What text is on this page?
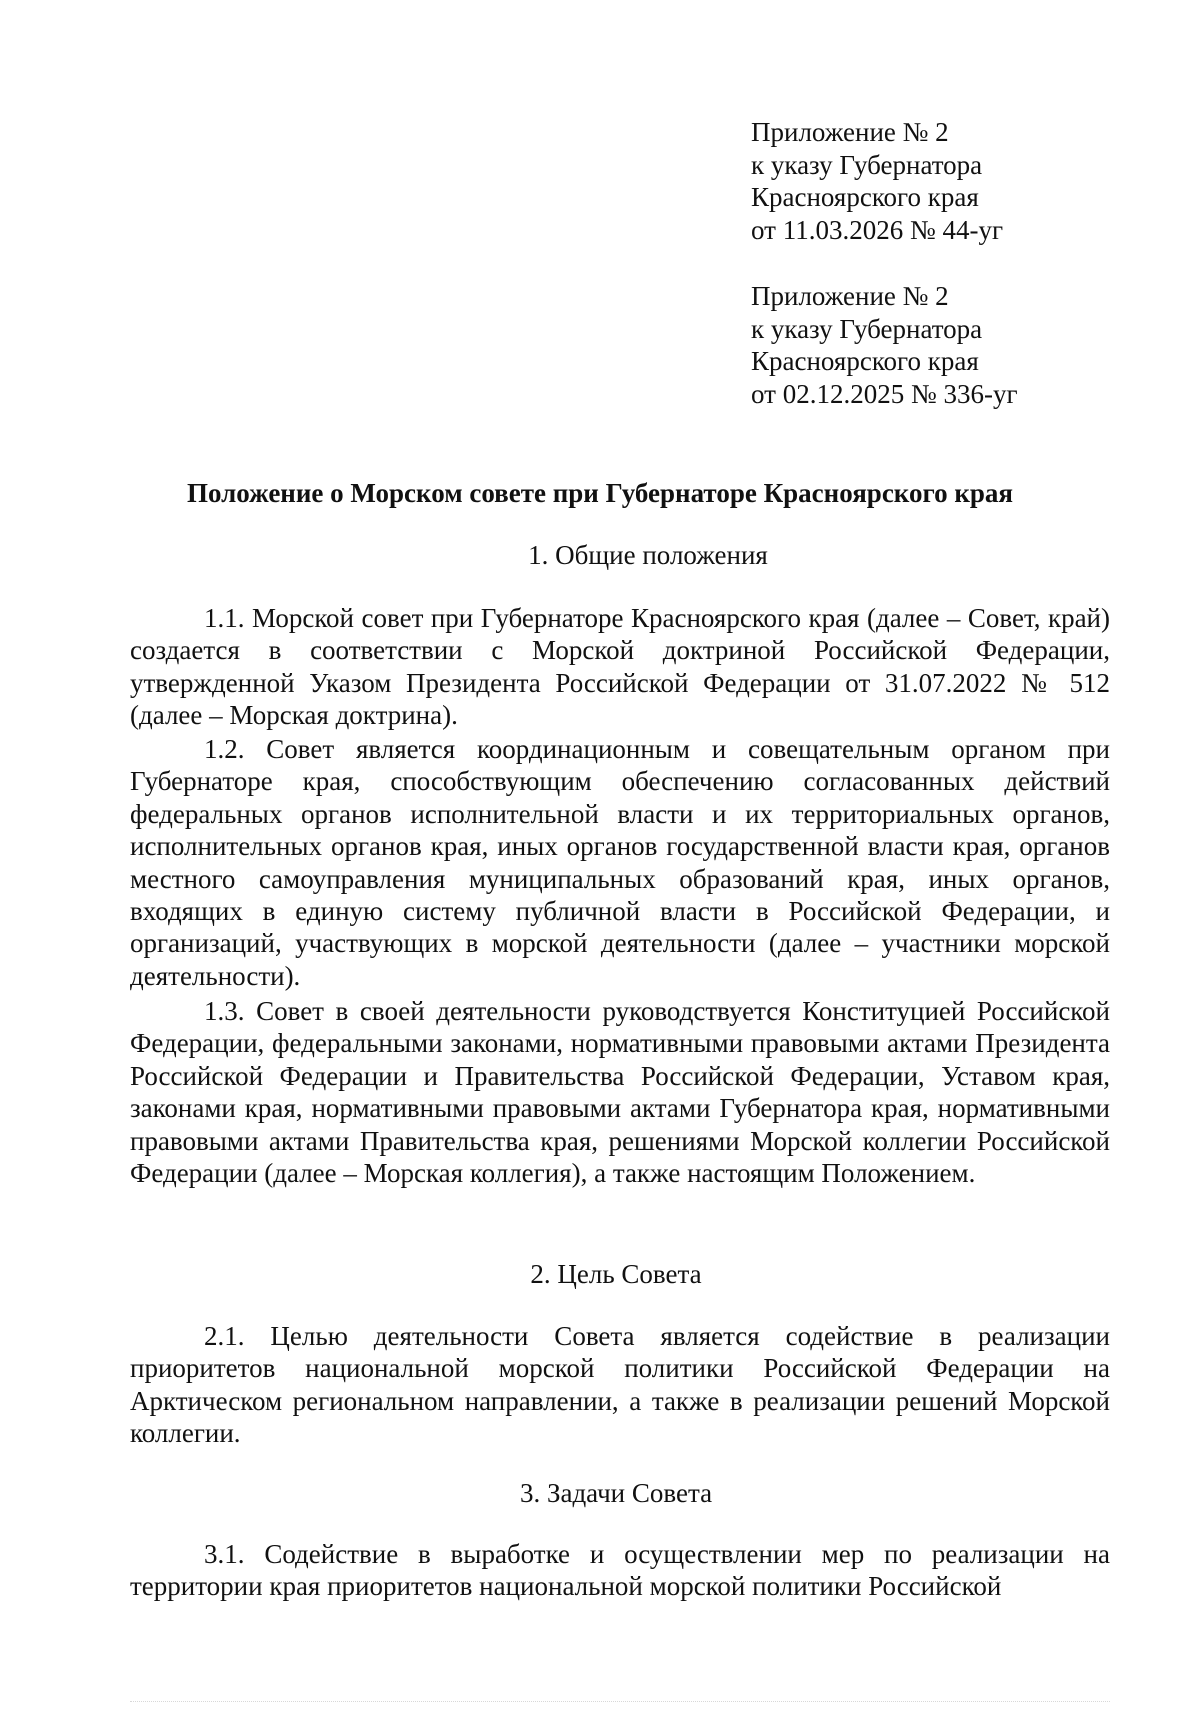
Приложение № 2
к указу Губернатора
Красноярского края
от 11.03.2026 № 44-уг
Приложение № 2
к указу Губернатора
Красноярского края
от 02.12.2025 № 336-уг
Положение о Морском совете при Губернаторе Красноярского края
1. Общие положения

1.1. Морской совет при Губернаторе Красноярского края (далее – Совет, край) создается в соответствии с Морской доктриной Российской Федерации, утвержденной Указом Президента Российской Федерации от 31.07.2022 № 512 (далее – Морская доктрина).

1.2. Совет является координационным и совещательным органом при Губернаторе края, способствующим обеспечению согласованных действий федеральных органов исполнительной власти и их территориальных органов, исполнительных органов края, иных органов государственной власти края, органов местного самоуправления муниципальных образований края, иных органов, входящих в единую систему публичной власти в Российской Федерации, и организаций, участвующих в морской деятельности (далее – участники морской деятельности).

1.3. Совет в своей деятельности руководствуется Конституцией Российской Федерации, федеральными законами, нормативными правовыми актами Президента Российской Федерации и Правительства Российской Федерации, Уставом края, законами края, нормативными правовыми актами Губернатора края, нормативными правовыми актами Правительства края, решениями Морской коллегии Российской Федерации (далее – Морская коллегия), а также настоящим Положением.

2. Цель Совета

2.1. Целью деятельности Совета является содействие в реализации приоритетов национальной морской политики Российской Федерации на Арктическом региональном направлении, а также в реализации решений Морской коллегии.

3. Задачи Совета

3.1. Содействие в выработке и осуществлении мер по реализации на территории края приоритетов национальной морской политики Российской
